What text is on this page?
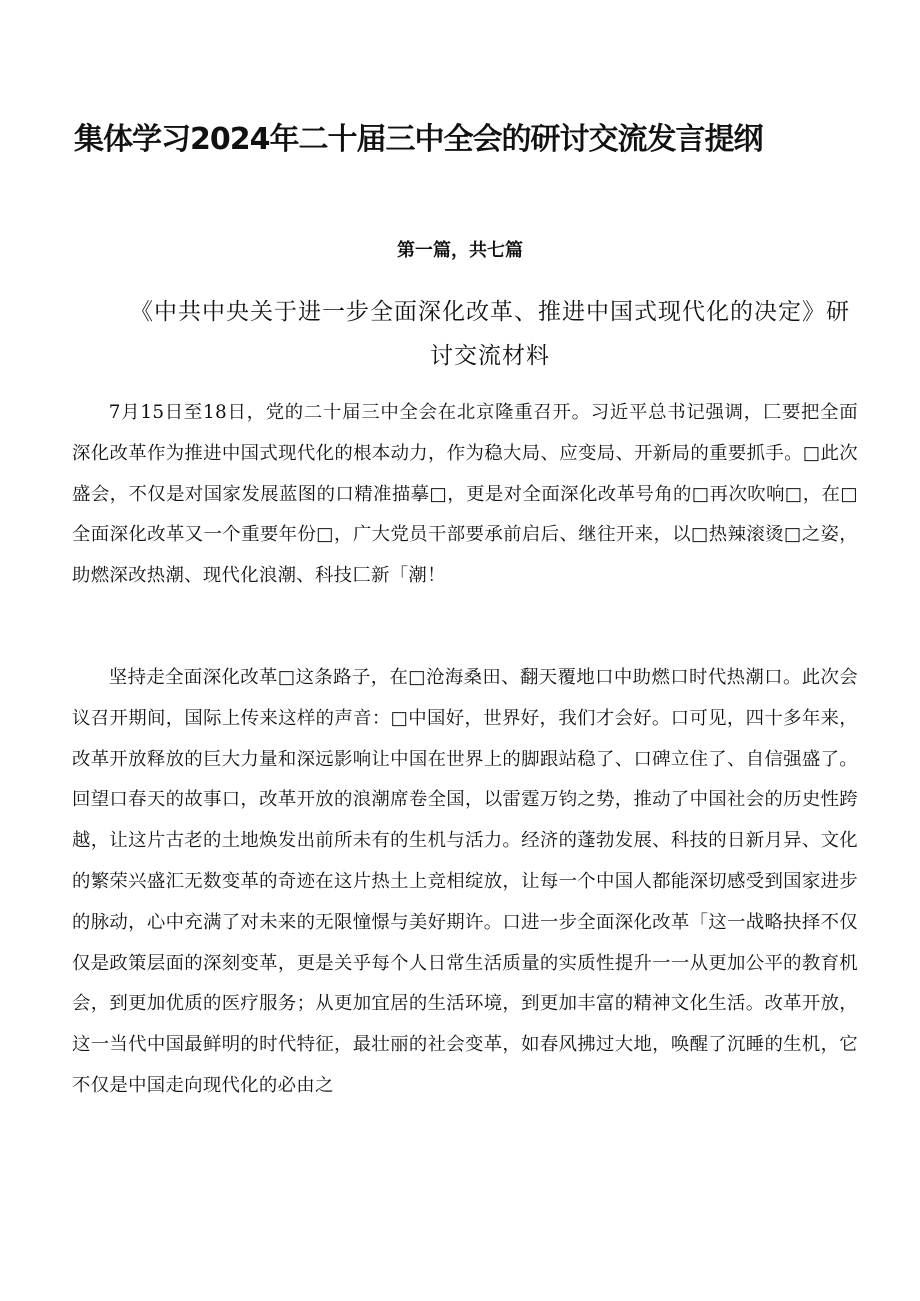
集体学习2024年二十届三中全会的研讨交流发言提纲
第一篇，共七篇
《中共中央关于进一步全面深化改革、推进中国式现代化的决定》研讨交流材料
7月15日至18日，党的二十届三中全会在北京隆重召开。习近平总书记强调，匚要把全面深化改革作为推进中国式现代化的根本动力，作为稳大局、应变局、开新局的重要抓手。□此次盛会，不仅是对国家发展蓝图的口精准描摹□，更是对全面深化改革号角的□再次吹响□，在□全面深化改革又一个重要年份□，广大党员干部要承前启后、继往开来，以□热辣滚烫□之姿，助燃深改热潮、现代化浪潮、科技匚新「潮！
坚持走全面深化改革□这条路子，在□沧海桑田、翻天覆地口中助燃口时代热潮口。此次会议召开期间，国际上传来这样的声音：□中国好，世界好，我们才会好。口可见，四十多年来，改革开放释放的巨大力量和深远影响让中国在世界上的脚跟站稳了、口碑立住了、自信强盛了。回望口春天的故事口，改革开放的浪潮席卷全国，以雷霆万钧之势，推动了中国社会的历史性跨越，让这片古老的土地焕发出前所未有的生机与活力。经济的蓬勃发展、科技的日新月异、文化的繁荣兴盛汇无数变革的奇迹在这片热土上竞相绽放，让每一个中国人都能深切感受到国家进步的脉动，心中充满了对未来的无限憧憬与美好期许。口进一步全面深化改革「这一战略抉择不仅仅是政策层面的深刻变革，更是关乎每个人日常生活质量的实质性提升一一从更加公平的教育机会，到更加优质的医疗服务；从更加宜居的生活环境，到更加丰富的精神文化生活。改革开放，这一当代中国最鲜明的时代特征，最壮丽的社会变革，如春风拂过大地，唤醒了沉睡的生机，它不仅是中国走向现代化的必由之
